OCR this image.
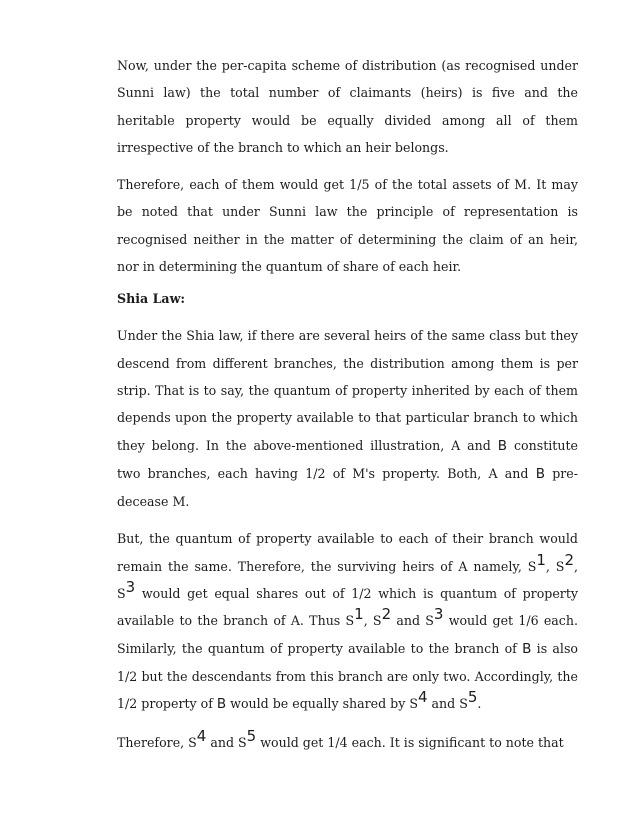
Now, under the per-capita scheme of distribution (as recognised under Sunni law) the total number of claimants (heirs) is five and the heritable property would be equally divided among all of them irrespective of the branch to which an heir belongs.

Therefore, each of them would get 1/5 of the total assets of M. It may be noted that under Sunni law the principle of representation is recognised neither in the matter of determining the claim of an heir, nor in determining the quantum of share of each heir.

Shia Law:

Under the Shia law, if there are several heirs of the same class but they descend from different branches, the distribution among them is per strip. That is to say, the quantum of property inherited by each of them depends upon the property available to that particular branch to which they belong. In the above-mentioned illustration, A and B constitute two branches, each having 1/2 of M's property. Both, A and B pre-decease M.

But, the quantum of property available to each of their branch would remain the same. Therefore, the surviving heirs of A namely, $S^1$, $S^2$, $S^3$ would get equal shares out of 1/2 which is quantum of property available to the branch of A. Thus $S^1$, $S^2$ and $S^3$ would get 1/6 each. Similarly, the quantum of property available to the branch of B is also 1/2 but the descendants from this branch are only two. Accordingly, the 1/2 property of B would be equally shared by $S^4$ and $S^5$.

Therefore, $S^4$ and $S^5$ would get 1/4 each. It is significant to note that
